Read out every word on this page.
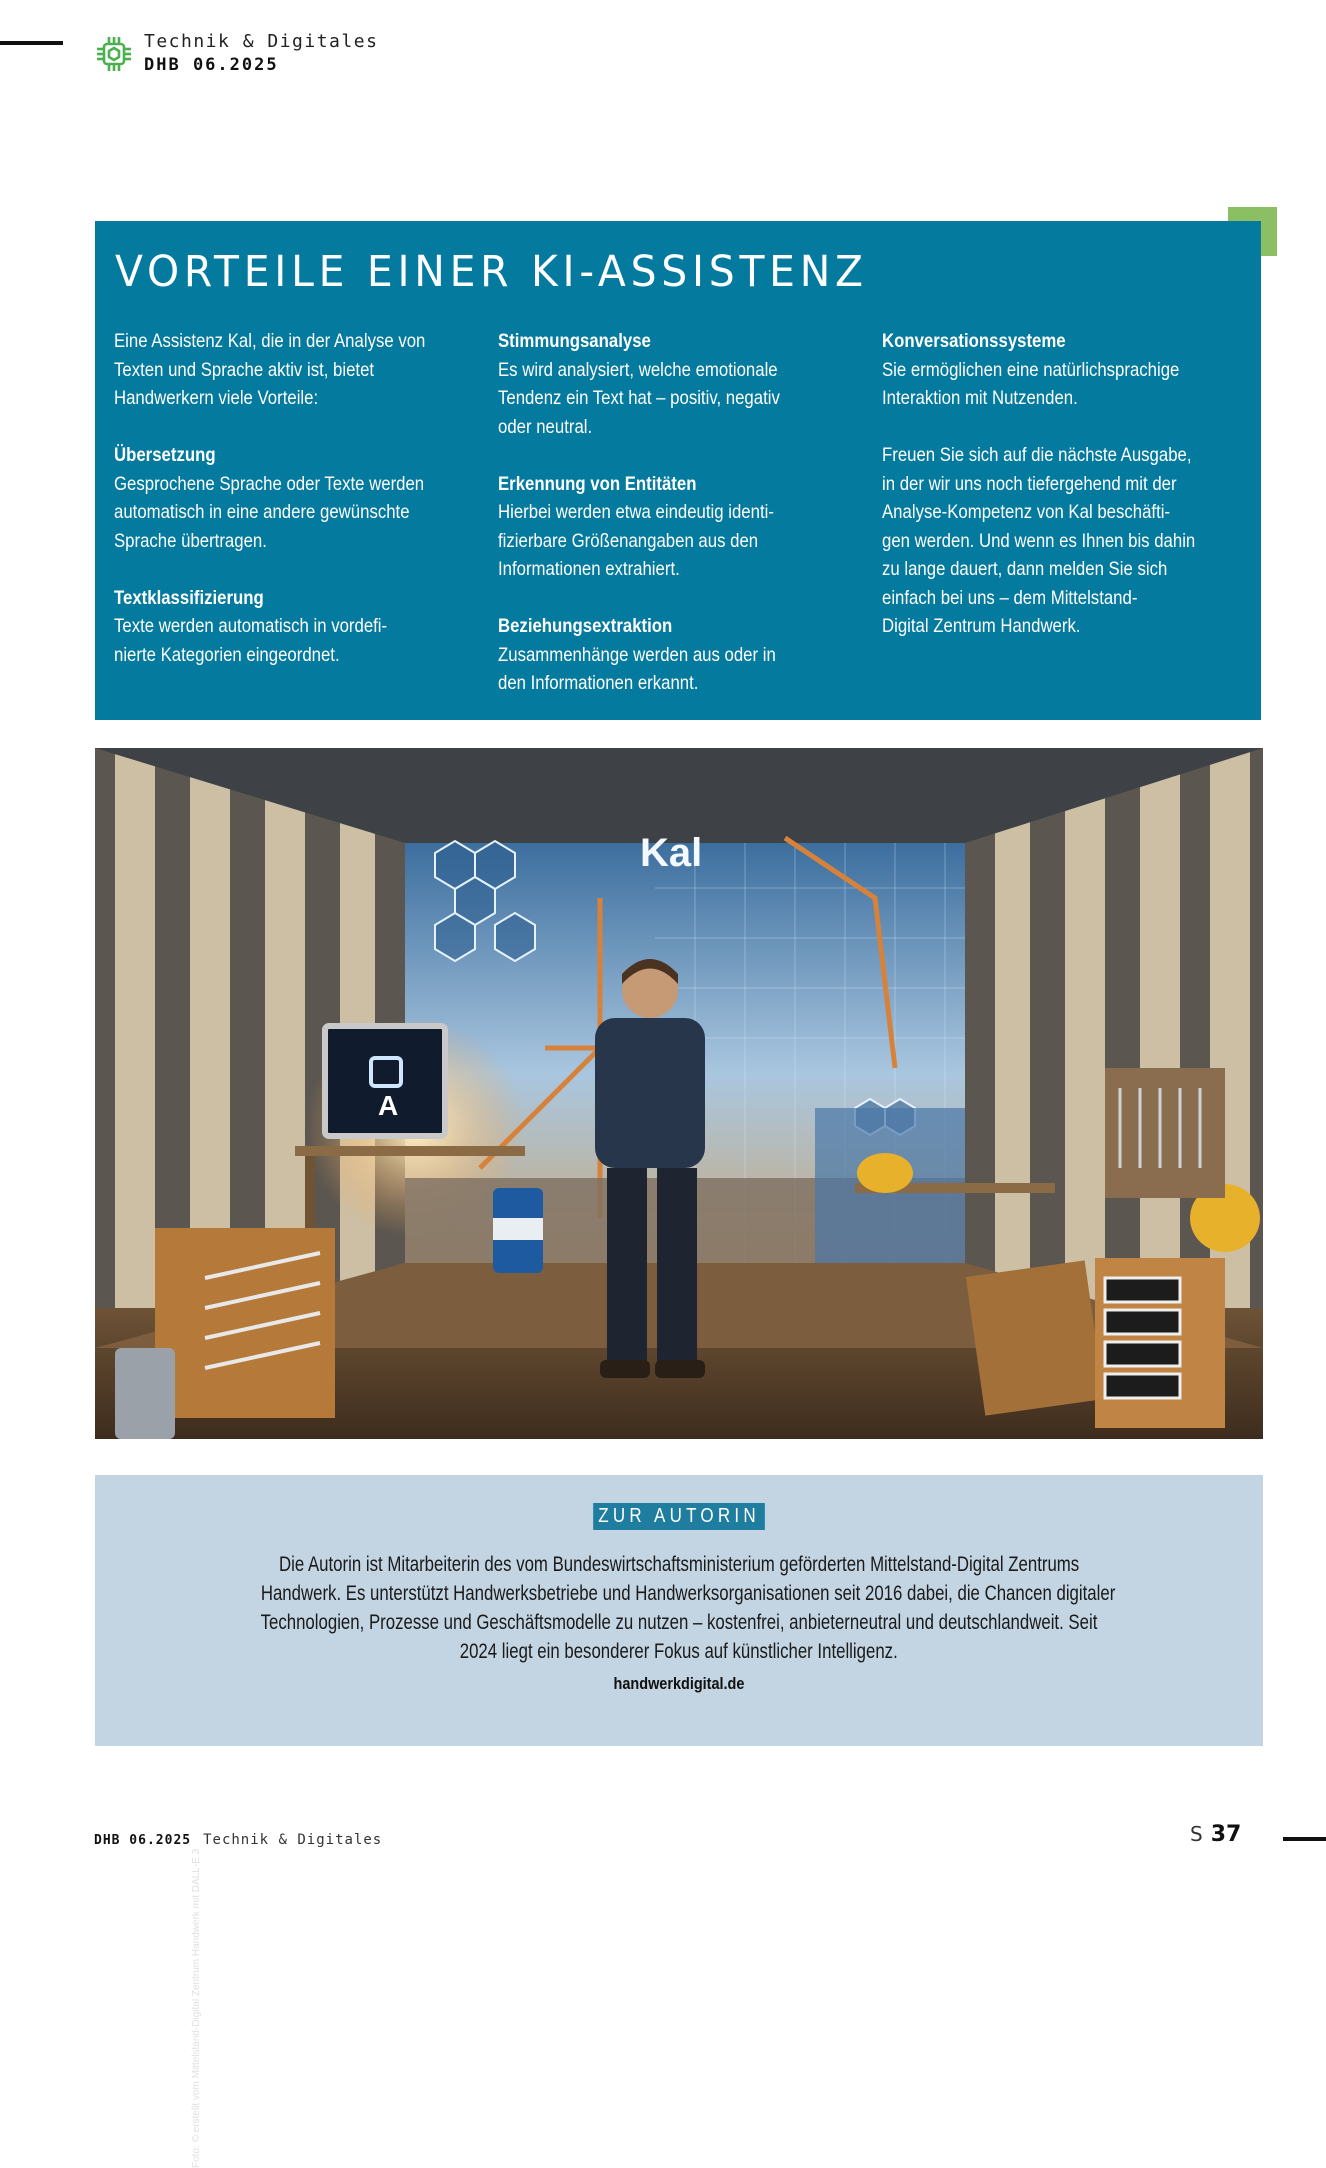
Technik & Digitales
DHB 06.2025
VORTEILE EINER KI-ASSISTENZ

Eine Assistenz Kal, die in der Analyse von
Texten und Sprache aktiv ist, bietet
Handwerkern viele Vorteile:

Übersetzung Gesprochene Sprache oder Texte werden
automatisch in eine andere gewünschte
Sprache übertragen.

Textklassifizierung Texte werden automatisch in vordefi-
nierte Kategorien eingeordnet.

Stimmungsanalyse Es wird analysiert, welche emotionale
Tendenz ein Text hat – positiv, negativ
oder neutral.

Erkennung von Entitäten Hierbei werden etwa eindeutig identi-
fizierbare Größenangaben aus den
Informationen extrahiert.

Beziehungsextraktion Zusammenhänge werden aus oder in
den Informationen erkannt.

Konversationssysteme Sie ermöglichen eine natürlichsprachige
Interaktion mit Nutzenden.

Freuen Sie sich auf die nächste Ausgabe,
in der wir uns noch tiefergehend mit der
Analyse-Kompetenz von Kal beschäfti-
gen werden. Und wenn es Ihnen bis dahin
zu lange dauert, dann melden Sie sich
einfach bei uns – dem Mittelstand-
Digital Zentrum Handwerk.

Kal
A
Foto: © erstellt vom Mittelstand-Digital Zentrum Handwerk mit DALL-E 3
ZUR AUTORIN
Die Autorin ist Mitarbeiterin des vom Bundeswirtschaftsministerium geförderten Mittelstand-Digital Zentrums
Handwerk. Es unterstützt Handwerksbetriebe und Handwerksorganisationen seit 2016 dabei, die Chancen digitaler
Technologien, Prozesse und Geschäftsmodelle zu nutzen – kostenfrei, anbieterneutral und deutschlandweit. Seit
2024 liegt ein besonderer Fokus auf künstlicher Intelligenz.
handwerkdigital.de
DHB 06.2025 Technik & Digitales	S 37
